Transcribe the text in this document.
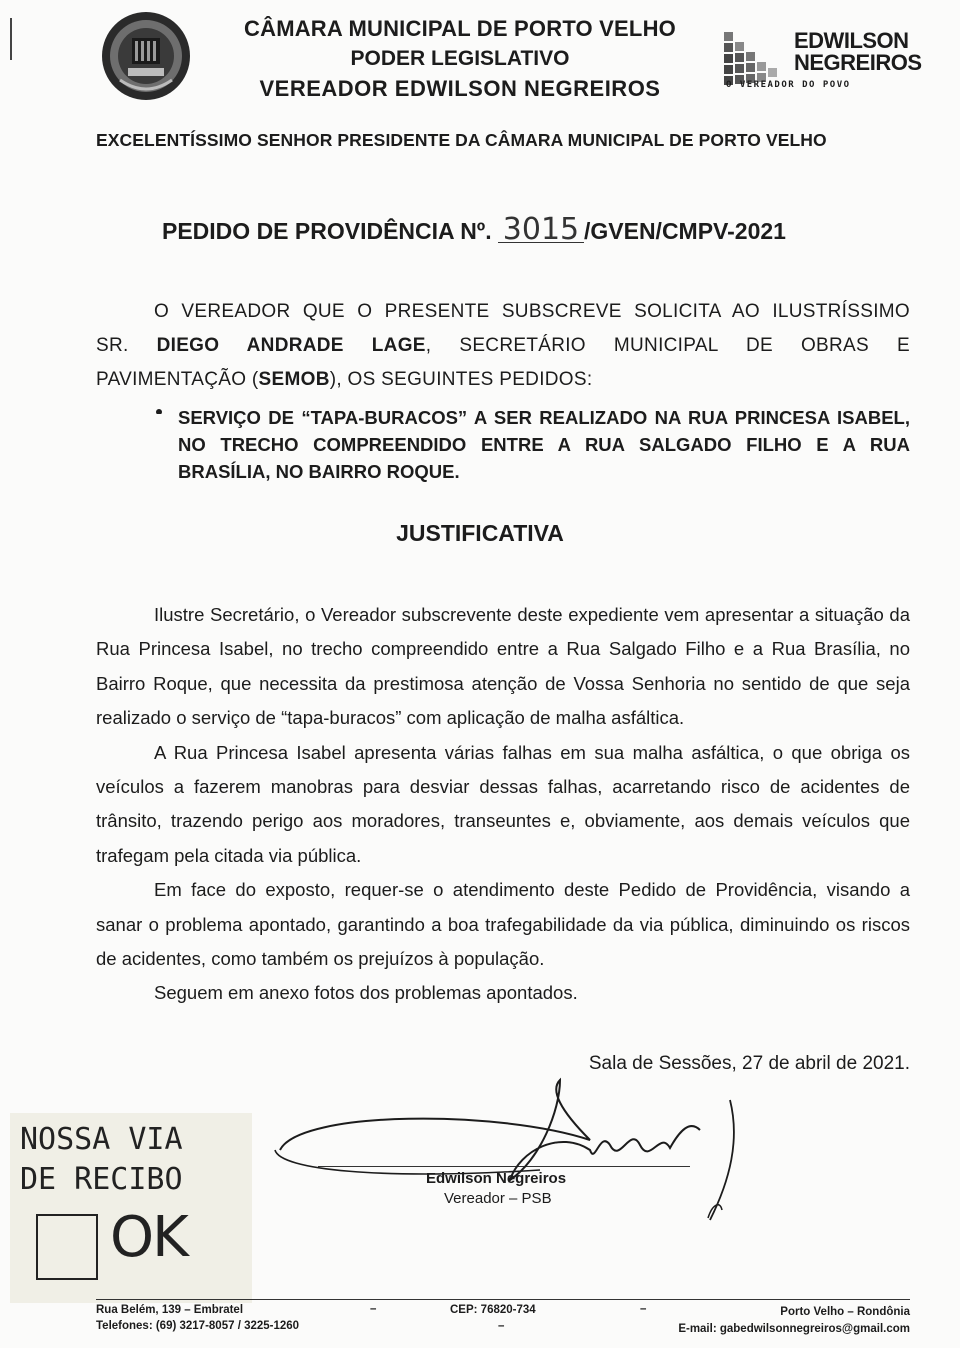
CÂMARA MUNICIPAL DE PORTO VELHO
PODER LEGISLATIVO
VEREADOR EDWILSON NEGREIROS
EDWILSON
NEGREIROS
O VEREADOR DO POVO
EXCELENTÍSSIMO SENHOR PRESIDENTE DA CÂMARA MUNICIPAL DE PORTO VELHO
PEDIDO DE PROVIDÊNCIA Nº. 3015 /GVEN/CMPV-2021

O VEREADOR QUE O PRESENTE SUBSCREVE SOLICITA AO ILUSTRÍSSIMO

SR. DIEGO ANDRADE LAGE, SECRETÁRIO MUNICIPAL DE OBRAS E

PAVIMENTAÇÃO (SEMOB), OS SEGUINTES PEDIDOS:

SERVIÇO DE “TAPA-BURACOS” A SER REALIZADO NA RUA PRINCESA ISABEL, NO TRECHO COMPREENDIDO ENTRE A RUA SALGADO FILHO E A RUA BRASÍLIA, NO BAIRRO ROQUE.
JUSTIFICATIVA

Ilustre Secretário, o Vereador subscrevente deste expediente vem apresentar a situação da Rua Princesa Isabel, no trecho compreendido entre a Rua Salgado Filho e a Rua Brasília, no Bairro Roque, que necessita da prestimosa atenção de Vossa Senhoria no sentido de que seja realizado o serviço de “tapa-buracos” com aplicação de malha asfáltica.

A Rua Princesa Isabel apresenta várias falhas em sua malha asfáltica, o que obriga os veículos a fazerem manobras para desviar dessas falhas, acarretando risco de acidentes de trânsito, trazendo perigo aos moradores, transeuntes e, obviamente, aos demais veículos que trafegam pela citada via pública.

Em face do exposto, requer-se o atendimento deste Pedido de Providência, visando a sanar o problema apontado, garantindo a boa trafegabilidade da via pública, diminuindo os riscos de acidentes, como também os prejuízos à população.

Seguem em anexo fotos dos problemas apontados.

Sala de Sessões, 27 de abril de 2021.
NOSSA VIA
DE RECIBO
OK
Edwilson Negreiros
Vereador – PSB
Rua Belém, 139 – Embratel
Telefones: (69) 3217-8057 / 3225-1260
CEP: 76820-734
–	–
–
Porto Velho – Rondônia
E-mail: gabedwilsonnegreiros@gmail.com
